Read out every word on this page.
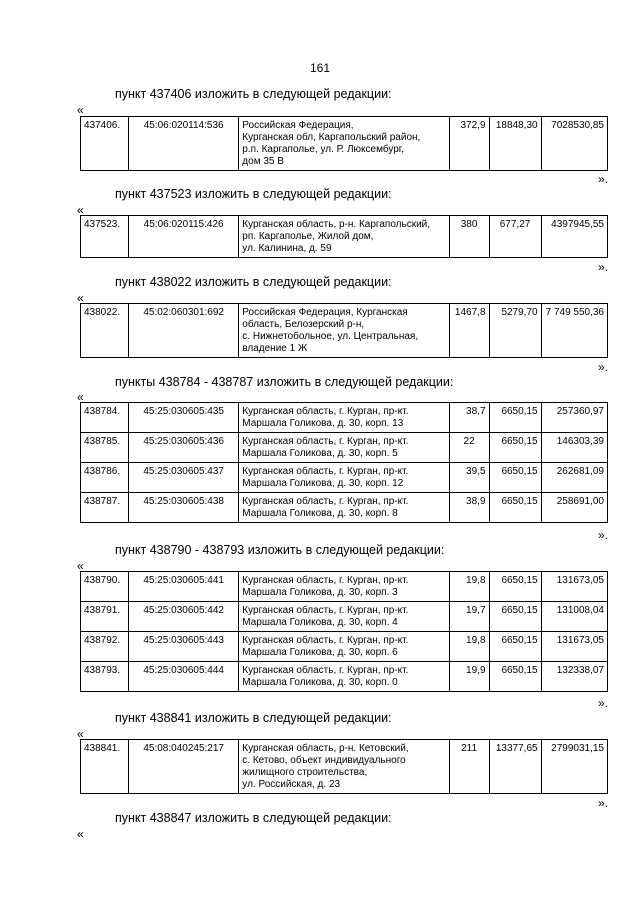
161
пункт 437406 изложить в следующей редакции:
«
437406.	45:06:020114:536	Российская Федерация,
Курганская обл, Каргапольский район,
р.п. Каргаполье, ул. Р. Люксембург,
дом 35 В
	372,9	18848,30	7028530,85
».
пункт 437523 изложить в следующей редакции:
«
437523.	45:06:020115:426	Курганская область, р-н. Каргапольский,
рп. Каргаполье, Жилой дом,
ул. Калинина, д. 59
	380	677,27	4397945,55
».
пункт 438022 изложить в следующей редакции:
«
438022.	45:02:060301:692	Российская Федерация, Курганская
область, Белозерский р-н,
с. Нижнетобольное, ул. Центральная,
владение 1 Ж
	1467,8	5279,70	7 749 550,36
».
пункты 438784 - 438787 изложить в следующей редакции:
«
438784.	45:25:030605:435	Курганская область, г. Курган, пр-кт.
Маршала Голикова, д. 30, корп. 13	38,7	6650,15	257360,97
438785.	45:25:030605:436	Курганская область, г. Курган, пр-кт.
Маршала Голикова, д. 30, корп. 5	22	6650,15	146303,39
438786.	45:25:030605:437	Курганская область, г. Курган, пр-кт.
Маршала Голикова, д. 30, корп. 12	39,5	6650,15	262681,09
438787.	45:25:030605:438	Курганская область, г. Курган, пр-кт.
Маршала Голикова, д. 30, корп. 8	38,9	6650,15	258691,00
».
пункт 438790 - 438793 изложить в следующей редакции:
«
438790.	45:25:030605:441	Курганская область, г. Курган, пр-кт.
Маршала Голикова, д. 30, корп. 3	19,8	6650,15	131673,05
438791.	45:25:030605:442	Курганская область, г. Курган, пр-кт.
Маршала Голикова, д. 30, корп. 4	19,7	6650,15	131008,04
438792.	45:25:030605:443	Курганская область, г. Курган, пр-кт.
Маршала Голикова, д. 30, корп. 6	19,8	6650,15	131673,05
438793.	45:25:030605:444	Курганская область, г. Курган, пр-кт.
Маршала Голикова, д. 30, корп. 0	19,9	6650,15	132338,07
».
пункт 438841 изложить в следующей редакции:
«
438841.	45:08:040245:217	Курганская область, р-н. Кетовский,
с. Кетово, объект индивидуального
жилищного строительства,
ул. Российская, д. 23
	211	13377,65	2799031,15
».
пункт 438847 изложить в следующей редакции:
«
